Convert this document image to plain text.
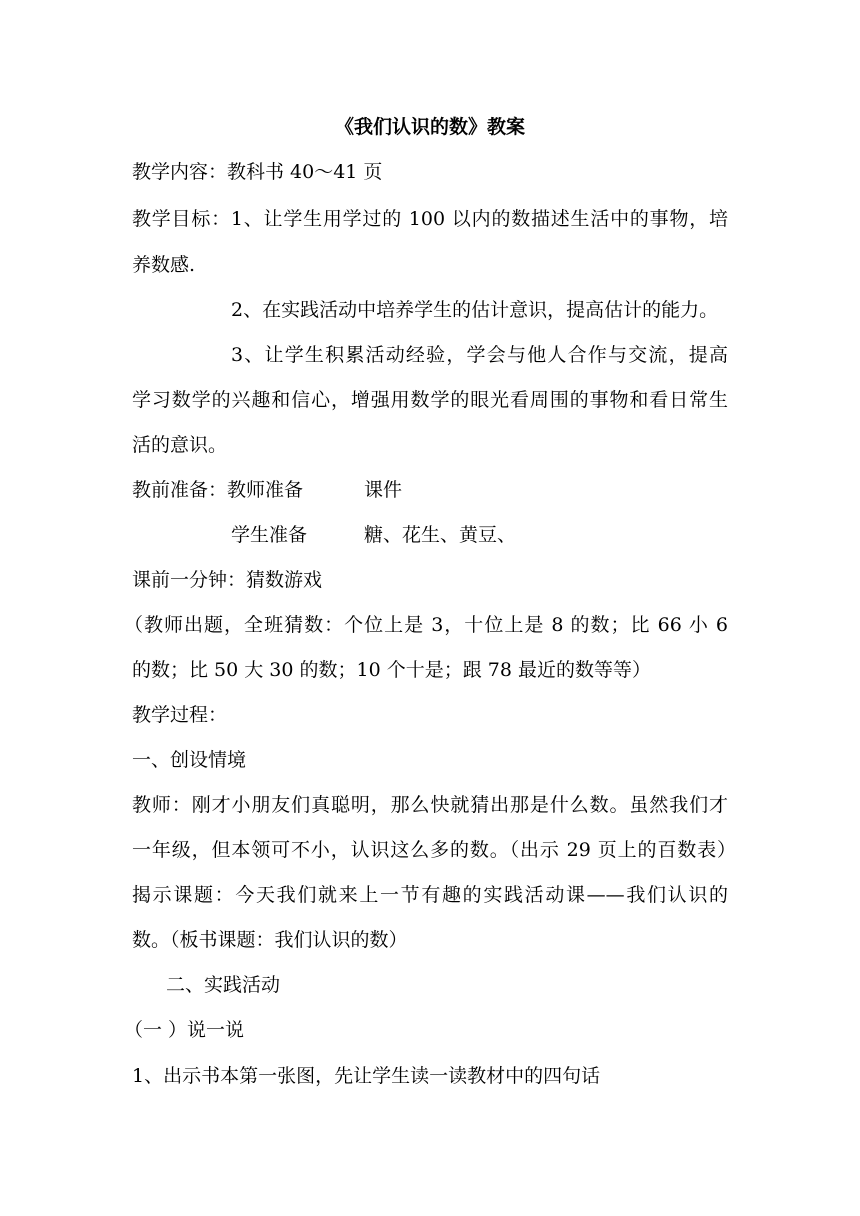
《我们认识的数》教案
教学内容：教科书 40～41 页
教学目标：1、让学生用学过的 100 以内的数描述生活中的事物，培
养数感.
2、在实践活动中培养学生的估计意识，提高估计的能力。
3、让学生积累活动经验，学会与他人合作与交流，提高
学习数学的兴趣和信心，增强用数学的眼光看周围的事物和看日常生
活的意识。
教前准备：教师准备	课件
学生准备	糖、花生、黄豆、
课前一分钟：猜数游戏
（教师出题，全班猜数：个位上是 3，十位上是 8 的数；比 66 小 6
的数；比 50 大 30 的数；10 个十是；跟 78 最近的数等等）
教学过程：
一、创设情境
教师：刚才小朋友们真聪明，那么快就猜出那是什么数。虽然我们才
一年级，但本领可不小，认识这么多的数。（出示 29 页上的百数表）
揭示课题：今天我们就来上一节有趣的实践活动课——我们认识的
数。（板书课题：我们认识的数）
二、实践活动
（一 ）说一说
1、出示书本第一张图，先让学生读一读教材中的四句话
